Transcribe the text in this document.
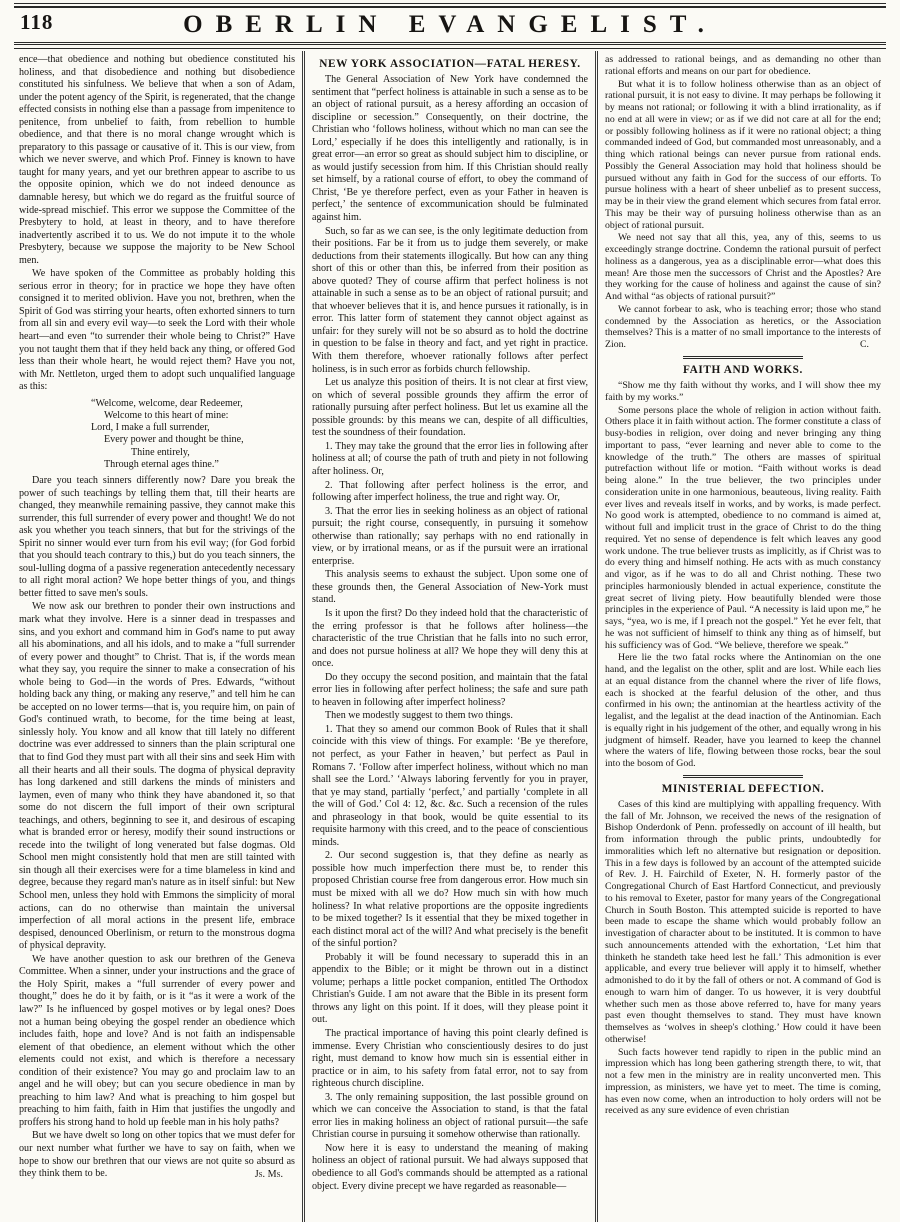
118	OBERLIN EVANGELIST.

ence—that obedience and nothing but obedience constituted his holiness, and that disobedience and nothing but disobedience constituted his sinfulness. We believe that when a son of Adam, under the potent agency of the Spirit, is regenerated, that the change effected consists in nothing else than a passage from impenitence to penitence, from unbelief to faith, from rebellion to humble obedience, and that there is no moral change wrought which is preparatory to this passage or causative of it. This is our view, from which we never swerve, and which Prof. Finney is known to have taught for many years, and yet our brethren appear to ascribe to us the opposite opinion, which we do not indeed denounce as damnable heresy, but which we do regard as the fruitful source of wide-spread mischief. This error we suppose the Committee of the Presbytery to hold, at least in theory, and to have therefore inadvertently ascribed it to us. We do not impute it to the whole Presbytery, because we suppose the majority to be New School men.

We have spoken of the Committee as probably holding this serious error in theory; for in practice we hope they have often consigned it to merited oblivion. Have you not, brethren, when the Spirit of God was stirring your hearts, often exhorted sinners to turn from all sin and every evil way—to seek the Lord with their whole heart—and even “to surrender their whole being to Christ?” Have you not taught them that if they held back any thing, or offered God less than their whole heart, he would reject them? Have you not, with Mr. Nettleton, urged them to adopt such unqualified language as this:

“Welcome, welcome, dear Redeemer,
Welcome to this heart of mine:
Lord, I make a full surrender,
Every power and thought be thine,
Thine entirely,
Through eternal ages thine.”

Dare you teach sinners differently now? Dare you break the power of such teachings by telling them that, till their hearts are changed, they meanwhile remaining passive, they cannot make this surrender, this full surrender of every power and thought! We do not ask you whether you teach sinners, that but for the strivings of the Spirit no sinner would ever turn from his evil way; (for God forbid that you should teach contrary to this,) but do you teach sinners, the soul-lulling dogma of a passive regeneration antecedently necessary to all right moral action? We hope better things of you, and things better fitted to save men's souls.

We now ask our brethren to ponder their own instructions and mark what they involve. Here is a sinner dead in trespasses and sins, and you exhort and command him in God's name to put away all his abominations, and all his idols, and to make a “full surrender of every power and thought” to Christ. That is, if the words mean what they say, you require the sinner to make a consecration of his whole being to God—in the words of Pres. Edwards, “without holding back any thing, or making any reserve,” and tell him he can be accepted on no lower terms—that is, you require him, on pain of God's continued wrath, to become, for the time being at least, sinlessly holy. You know and all know that till lately no different doctrine was ever addressed to sinners than the plain scriptural one that to find God they must part with all their sins and seek Him with all their hearts and all their souls. The dogma of physical depravity has long darkened and still darkens the minds of ministers and laymen, even of many who think they have abandoned it, so that some do not discern the full import of their own scriptural teachings, and others, beginning to see it, and desirous of escaping what is branded error or heresy, modify their sound instructions or recede into the twilight of long venerated but false dogmas. Old School men might consistently hold that men are still tainted with sin though all their exercises were for a time blameless in kind and degree, because they regard man's nature as in itself sinful: but New School men, unless they hold with Emmons the simplicity of moral actions, can do no otherwise than maintain the universal imperfection of all moral actions in the present life, embrace despised, denounced Oberlinism, or return to the monstrous dogma of physical depravity.

We have another question to ask our brethren of the Geneva Committee. When a sinner, under your instructions and the grace of the Holy Spirit, makes a “full surrender of every power and thought,” does he do it by faith, or is it “as it were a work of the law?” Is he influenced by gospel motives or by legal ones? Does not a human being obeying the gospel render an obedience which includes faith, hope and love? And is not faith an indispensable element of that obedience, an element without which the other elements could not exist, and which is therefore a necessary condition of their existence? You may go and proclaim law to an angel and he will obey; but can you secure obedience in man by preaching to him law? And what is preaching to him gospel but preaching to him faith, faith in Him that justifies the ungodly and proffers his strong hand to hold up feeble man in his holy paths?

But we have dwelt so long on other topics that we must defer for our next number what further we have to say on faith, when we hope to show our brethren that our views are not quite so absurd as they think them to be.	Js. Ms.
NEW YORK ASSOCIATION—FATAL HERESY.

The General Association of New York have condemned the sentiment that “perfect holiness is attainable in such a sense as to be an object of rational pursuit, as a heresy affording an occasion of discipline or secession.” Consequently, on their doctrine, the Christian who ‘follows holiness, without which no man can see the Lord,’ especially if he does this intelligently and rationally, is in great error—an error so great as should subject him to discipline, or as would justify secession from him. If this Christian should really set himself, by a rational course of effort, to obey the command of Christ, ‘Be ye therefore perfect, even as your Father in heaven is perfect,’ the sentence of excommunication should be fulminated against him.

Such, so far as we can see, is the only legitimate deduction from their positions. Far be it from us to judge them severely, or make deductions from their statements illogically. But how can any thing short of this or other than this, be inferred from their position as above quoted? They of course affirm that perfect holiness is not attainable in such a sense as to be an object of rational pursuit; and that whoever believes that it is, and hence pursues it rationally, is in error. This latter form of statement they cannot object against as unfair: for they surely will not be so absurd as to hold the doctrine in question to be false in theory and fact, and yet right in practice. With them therefore, whoever rationally follows after perfect holiness, is in such error as forbids church fellowship.

Let us analyze this position of theirs. It is not clear at first view, on which of several possible grounds they affirm the error of rationally pursuing after perfect holiness. But let us examine all the possible grounds: by this means we can, despite of all difficulties, test the soundness of their foundation.

1. They may take the ground that the error lies in following after holiness at all; of course the path of truth and piety in not following after holiness. Or,

2. That following after perfect holiness is the error, and following after imperfect holiness, the true and right way. Or,

3. That the error lies in seeking holiness as an object of rational pursuit; the right course, consequently, in pursuing it somehow otherwise than rationally; say perhaps with no end rationally in view, or by irrational means, or as if the pursuit were an irrational enterprise.

This analysis seems to exhaust the subject. Upon some one of these grounds then, the General Association of New-York must stand.

Is it upon the first? Do they indeed hold that the characteristic of the erring professor is that he follows after holiness—the characteristic of the true Christian that he falls into no such error, and does not pursue holiness at all? We hope they will deny this at once.

Do they occupy the second position, and maintain that the fatal error lies in following after perfect holiness; the safe and sure path to heaven in following after imperfect holiness?

Then we modestly suggest to them two things.

1. That they so amend our common Book of Rules that it shall coincide with this view of things. For example: ‘Be ye therefore, not perfect, as your Father in heaven,’ but perfect as Paul in Romans 7. ‘Follow after imperfect holiness, without which no man shall see the Lord.’ ‘Always laboring fervently for you in prayer, that ye may stand, partially ‘perfect,’ and partially ‘complete in all the will of God.’ Col 4: 12, &c. &c. Such a recension of the rules and phraseology in that book, would be quite essential to its requisite harmony with this creed, and to the peace of conscientious minds.

2. Our second suggestion is, that they define as nearly as possible how much imperfection there must be, to render this proposed Christian course free from dangerous error. How much sin must be mixed with all we do? How much sin with how much holiness? In what relative proportions are the opposite ingredients to be mixed together? Is it essential that they be mixed together in each distinct moral act of the will? And what precisely is the benefit of the sinful portion?

Probably it will be found necessary to superadd this in an appendix to the Bible; or it might be thrown out in a distinct volume; perhaps a little pocket companion, entitled The Orthodox Christian's Guide. I am not aware that the Bible in its present form throws any light on this point. If it does, will they please point it out.

The practical importance of having this point clearly defined is immense. Every Christian who conscientiously desires to do just right, must demand to know how much sin is essential either in practice or in aim, to his safety from fatal error, not to say from righteous church discipline.

3. The only remaining supposition, the last possible ground on which we can conceive the Association to stand, is that the fatal error lies in making holiness an object of rational pursuit—the safe Christian course in pursuing it somehow otherwise than rationally.

Now here it is easy to understand the meaning of making holiness an object of rational pursuit. We had always supposed that obedience to all God's commands should be attempted as a rational object. Every divine precept we have regarded as reasonable—

as addressed to rational beings, and as demanding no other than rational efforts and means on our part for obedience.

But what it is to follow holiness otherwise than as an object of rational pursuit, it is not easy to divine. It may perhaps be following it by means not rational; or following it with a blind irrationality, as if no end at all were in view; or as if we did not care at all for the end; or possibly following holiness as if it were no rational object; a thing commanded indeed of God, but commanded most unreasonably, and a thing which rational beings can never pursue from rational ends. Possibly the General Association may hold that holiness should be pursued without any faith in God for the success of our efforts. To pursue holiness with a heart of sheer unbelief as to present success, may be in their view the grand element which secures from fatal error. This may be their way of pursuing holiness otherwise than as an object of rational pursuit.

We need not say that all this, yea, any of this, seems to us exceedingly strange doctrine. Condemn the rational pursuit of perfect holiness as a dangerous, yea as a disciplinable error—what does this mean! Are those men the successors of Christ and the Apostles? Are they working for the cause of holiness and against the cause of sin? And withal “as objects of rational pursuit?”

We cannot forbear to ask, who is teaching error; those who stand condemned by the Association as heretics, or the Association themselves? This is a matter of no small importance to the interests of Zion.	C.
FAITH AND WORKS.

“Show me thy faith without thy works, and I will show thee my faith by my works.”

Some persons place the whole of religion in action without faith. Others place it in faith without action. The former constitute a class of busy-bodies in religion, over doing and never bringing any thing important to pass, “ever learning and never able to come to the knowledge of the truth.” The others are masses of spiritual putrefaction without life or motion. “Faith without works is dead being alone.” In the true believer, the two principles under consideration unite in one harmonious, beauteous, living reality. Faith ever lives and reveals itself in works, and by works, is made perfect. No good work is attempted, obedience to no command is aimed at, without full and implicit trust in the grace of Christ to do the thing required. Yet no sense of dependence is felt which leaves any good work undone. The true believer trusts as implicitly, as if Christ was to do every thing and himself nothing. He acts with as much constancy and vigor, as if he was to do all and Christ nothing. These two principles harmoniously blended in actual experience, constitute the great secret of living piety. How beautifully blended were those principles in the experience of Paul. “A necessity is laid upon me,” he says, “yea, wo is me, if I preach not the gospel.” Yet he ever felt, that he was not sufficient of himself to think any thing as of himself, but his sufficiency was of God. “We believe, therefore we speak.”

Here lie the two fatal rocks where the Antinomian on the one hand, and the legalist on the other, split and are lost. While each lies at an equal distance from the channel where the river of life flows, each is shocked at the fearful delusion of the other, and thus confirmed in his own; the antinomian at the heartless activity of the legalist, and the legalist at the dead inaction of the Antinomian. Each is equally right in his judgement of the other, and equally wrong in his judgment of himself. Reader, have you learned to keep the channel where the waters of life, flowing between those rocks, bear the soul into the bosom of God.

MINISTERIAL DEFECTION.

Cases of this kind are multiplying with appalling frequency. With the fall of Mr. Johnson, we received the news of the resignation of Bishop Onderdonk of Penn. professedly on account of ill health, but from information through the public prints, undoubtedly for immoralities which left no alternative but resignation or deposition. This in a few days is followed by an account of the attempted suicide of Rev. J. H. Fairchild of Exeter, N. H. formerly pastor of the Congregational Church of East Hartford Connecticut, and previously to his removal to Exeter, pastor for many years of the Congregational Church in South Boston. This attempted suicide is reported to have been made to escape the shame which would probably follow an investigation of character about to be instituted. It is common to have such announcements attended with the exhortation, ‘Let him that thinketh he standeth take heed lest he fall.’ This admonition is ever applicable, and every true believer will apply it to himself, whether admonished to do it by the fall of others or not. A command of God is enough to warn him of danger. To us however, it is very doubtful whether such men as those above referred to, have for many years past even thought themselves to stand. They must have known themselves as ‘wolves in sheep's clothing.’ How could it have been otherwise!

Such facts however tend rapidly to ripen in the public mind an impression which has long been gathering strength there, to wit, that not a few men in the ministry are in reality unconverted men. This impression, as ministers, we have yet to meet. The time is coming, has even now come, when an introduction to holy orders will not be received as any sure evidence of even christian
